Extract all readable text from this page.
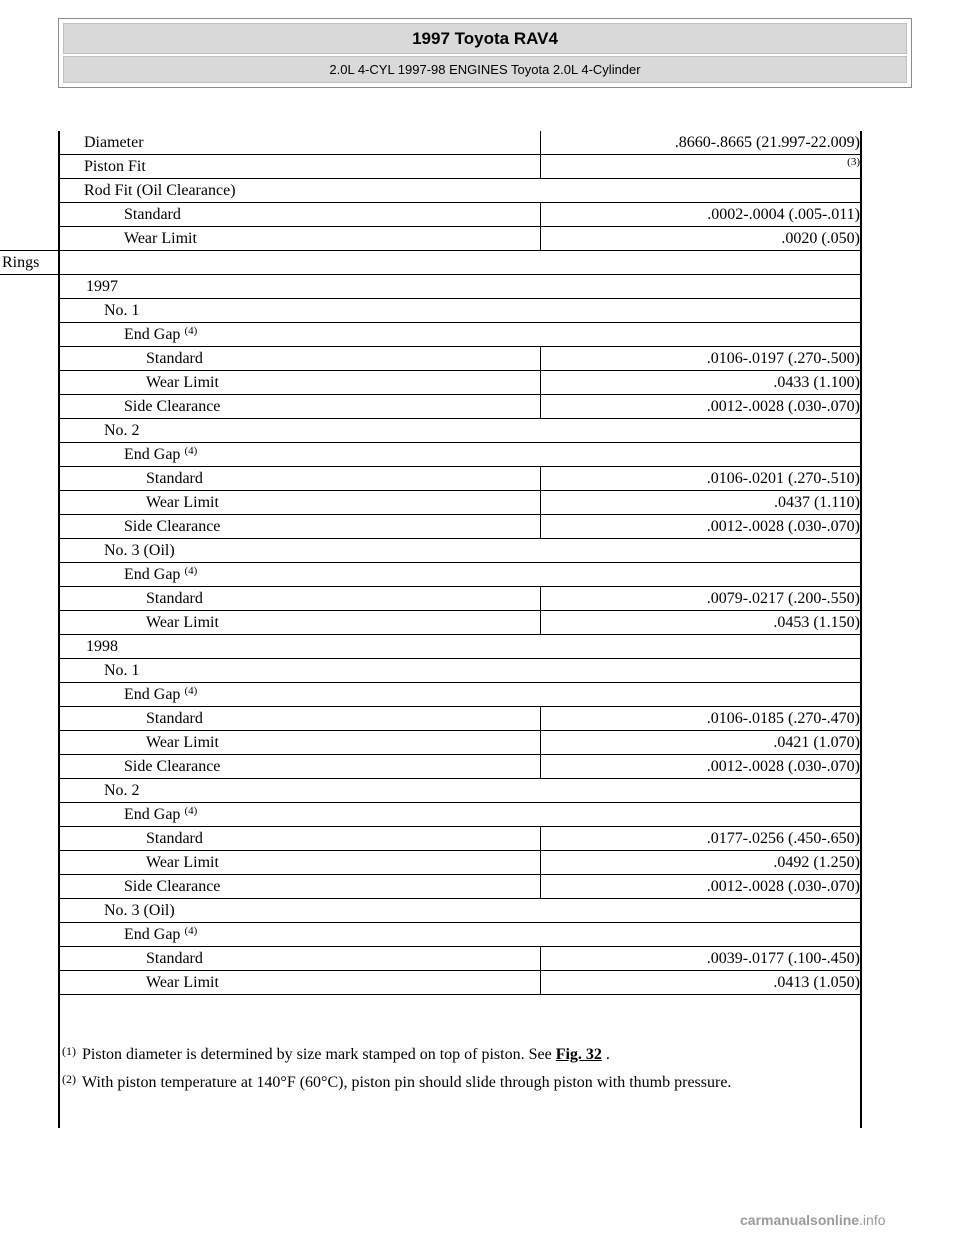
1997 Toyota RAV4
2.0L 4-CYL 1997-98 ENGINES Toyota 2.0L 4-Cylinder
Diameter	.8660-.8665 (21.997-22.009)
Piston Fit	$^{(3)}$
Rod Fit (Oil Clearance)
Standard	.0002-.0004 (.005-.011)
Wear Limit	.0020 (.050)
Rings
1997
No. 1
End Gap $^{(4)}$
Standard	.0106-.0197 (.270-.500)
Wear Limit	.0433 (1.100)
Side Clearance	.0012-.0028 (.030-.070)
No. 2
End Gap $^{(4)}$
Standard	.0106-.0201 (.270-.510)
Wear Limit	.0437 (1.110)
Side Clearance	.0012-.0028 (.030-.070)
No. 3 (Oil)
End Gap $^{(4)}$
Standard	.0079-.0217 (.200-.550)
Wear Limit	.0453 (1.150)
1998
No. 1
End Gap $^{(4)}$
Standard	.0106-.0185 (.270-.470)
Wear Limit	.0421 (1.070)
Side Clearance	.0012-.0028 (.030-.070)
No. 2
End Gap $^{(4)}$
Standard	.0177-.0256 (.450-.650)
Wear Limit	.0492 (1.250)
Side Clearance	.0012-.0028 (.030-.070)
No. 3 (Oil)
End Gap $^{(4)}$
Standard	.0039-.0177 (.100-.450)
Wear Limit	.0413 (1.050)
$^{(1)}$ Piston diameter is determined by size mark stamped on top of piston. See Fig. 32 .
$^{(2)}$ With piston temperature at 140°F (60°C), piston pin should slide through piston with thumb pressure.
carmanualsonline.info
